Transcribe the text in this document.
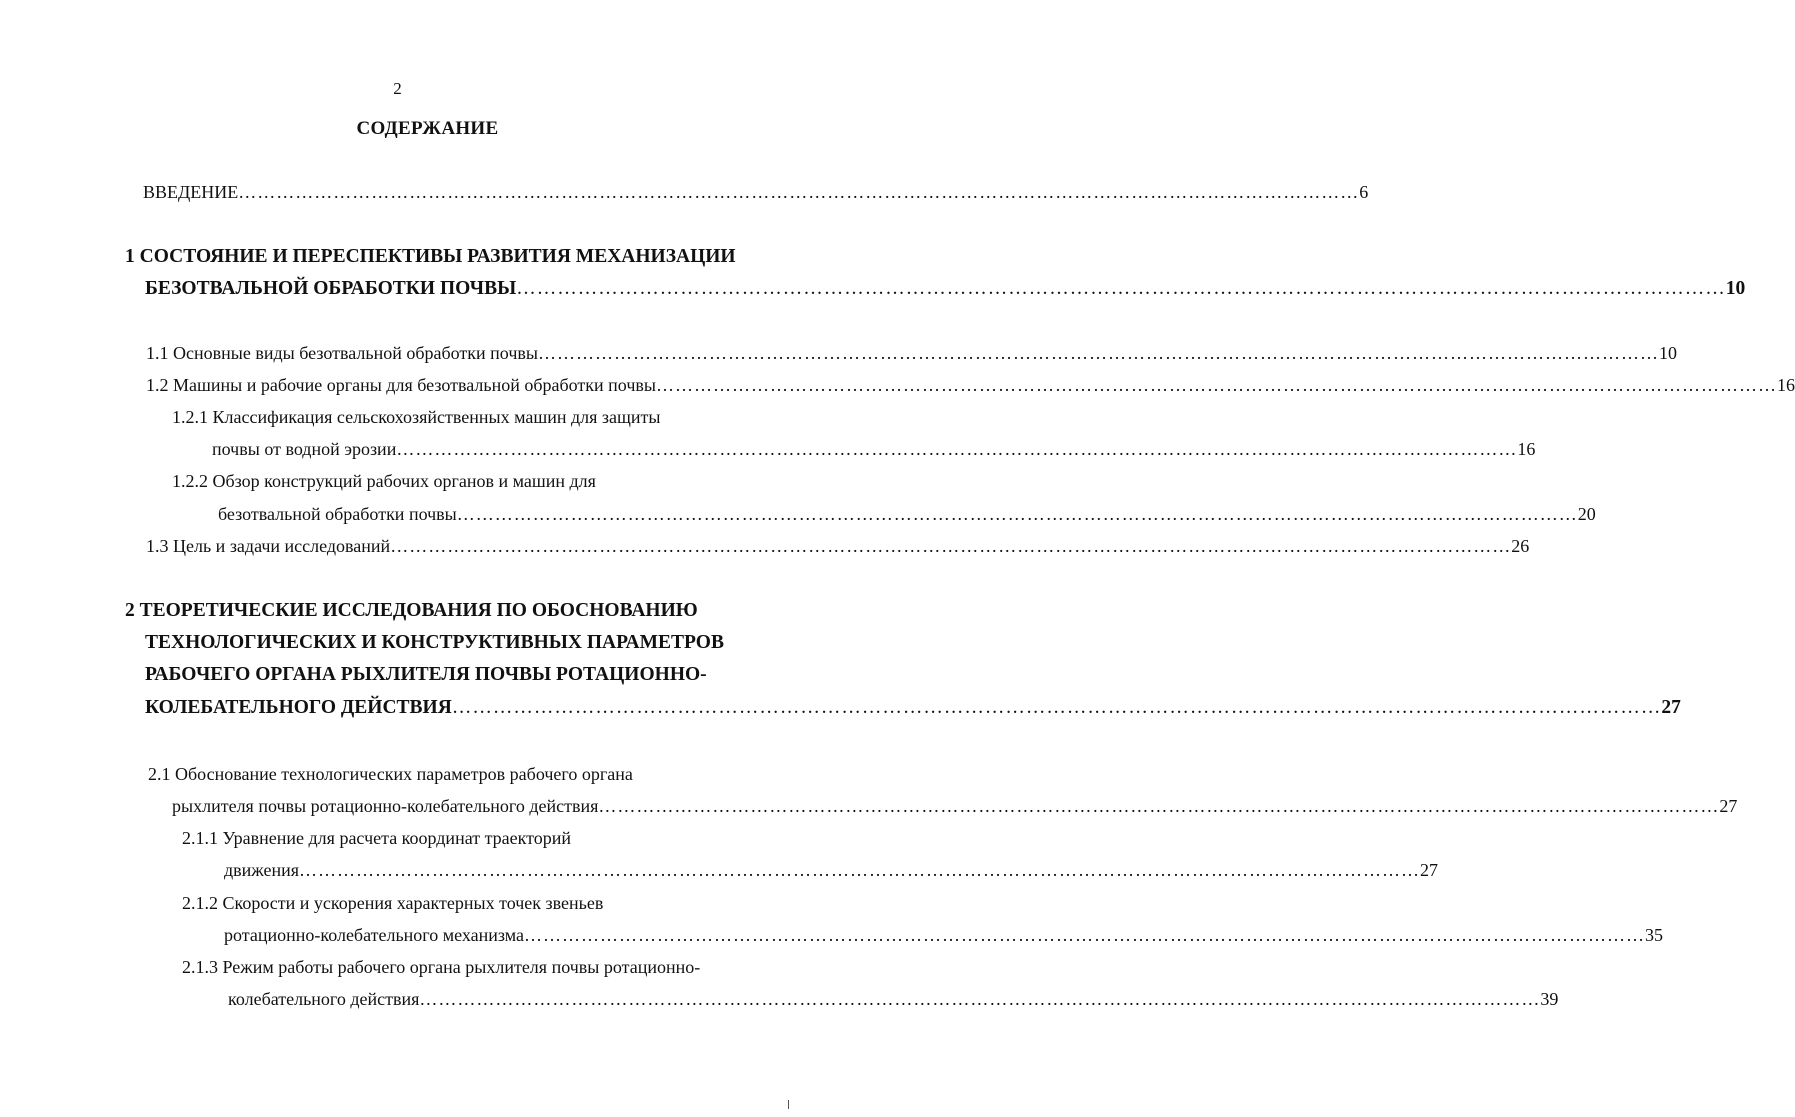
2
СОДЕРЖАНИЕ
ВВЕДЕНИЕ …………………………………………………………………………………………………………………………………………………………… 6
1 СОСТОЯНИЕ И ПЕРЕСПЕКТИВЫ РАЗВИТИЯ МЕХАНИЗАЦИИ
БЕЗОТВАЛЬНОЙ ОБРАБОТКИ ПОЧВЫ …………………………………………………………………………………………………………………………………………………………… 10
1.1 Основные виды безотвальной обработки почвы …………………………………………………………………………………………………………………………………………………………… 10
1.2 Машины и рабочие органы для безотвальной обработки почвы …………………………………………………………………………………………………………………………………………………………… 16
1.2.1 Классификация сельскохозяйственных машин для защиты
почвы от водной эрозии …………………………………………………………………………………………………………………………………………………………… 16
1.2.2 Обзор конструкций рабочих органов и машин для
безотвальной обработки почвы …………………………………………………………………………………………………………………………………………………………… 20
1.3 Цель и задачи исследований …………………………………………………………………………………………………………………………………………………………… 26
2 ТЕОРЕТИЧЕСКИЕ ИССЛЕДОВАНИЯ ПО ОБОСНОВАНИЮ
ТЕХНОЛОГИЧЕСКИХ И КОНСТРУКТИВНЫХ ПАРАМЕТРОВ
РАБОЧЕГО ОРГАНА РЫХЛИТЕЛЯ ПОЧВЫ РОТАЦИОННО-
КОЛЕБАТЕЛЬНОГО ДЕЙСТВИЯ …………………………………………………………………………………………………………………………………………………………… 27
2.1 Обоснование технологических параметров рабочего органа
рыхлителя почвы ротационно-колебательного действия …………………………………………………………………………………………………………………………………………………………… 27
2.1.1 Уравнение для расчета координат траекторий
движения …………………………………………………………………………………………………………………………………………………………… 27
2.1.2 Скорости и ускорения характерных точек звеньев
ротационно-колебательного механизма …………………………………………………………………………………………………………………………………………………………… 35
2.1.3 Режим работы рабочего органа рыхлителя почвы ротационно-
колебательного действия …………………………………………………………………………………………………………………………………………………………… 39
